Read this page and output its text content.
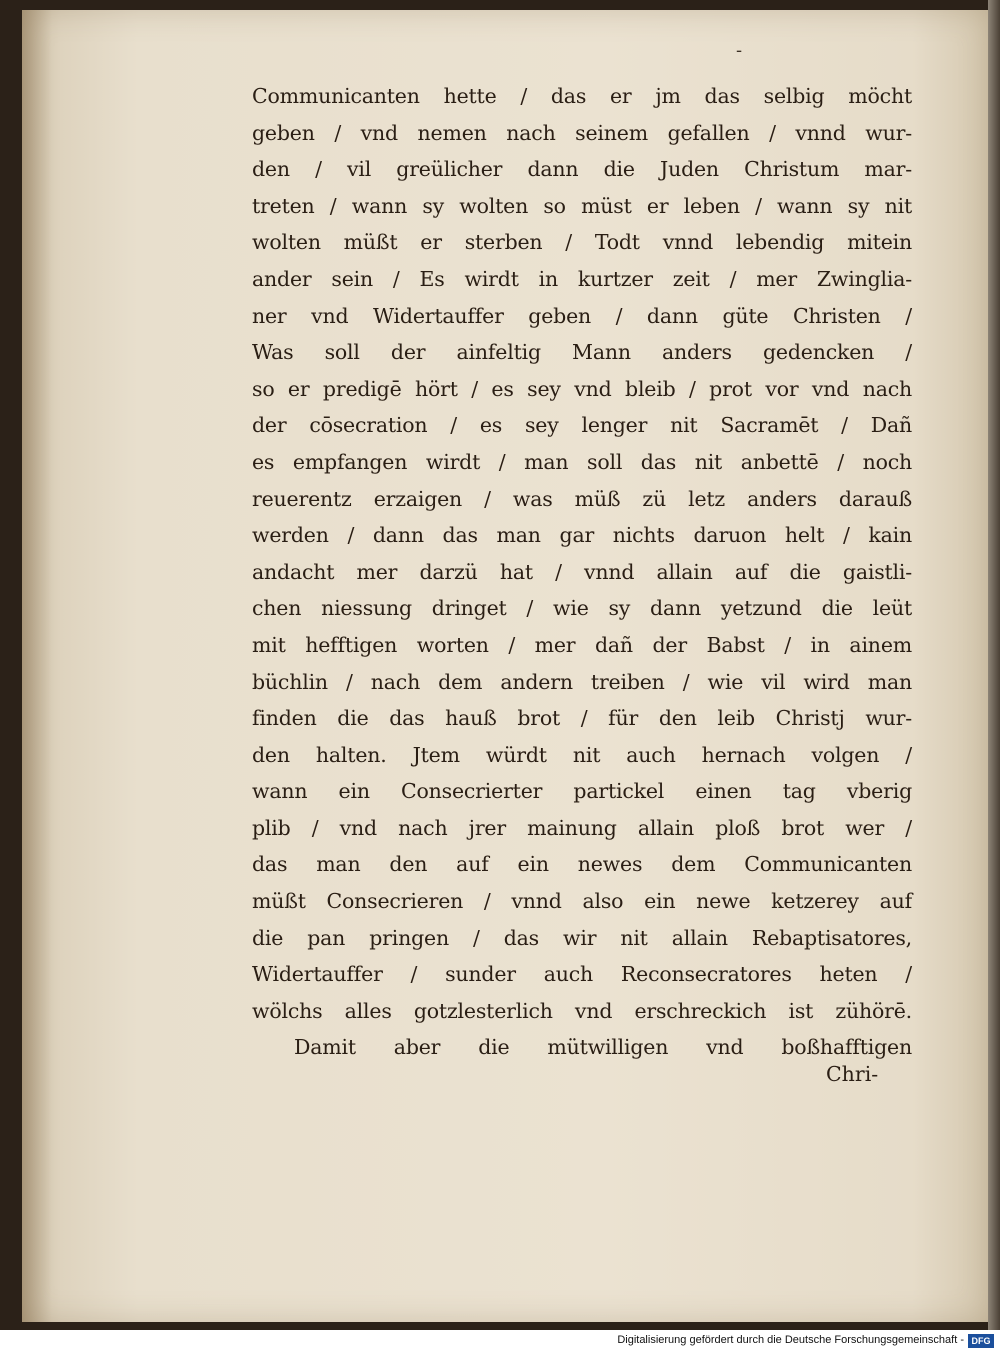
-
Communicanten hette / das er jm das selbig möcht
geben / vnd nemen nach seinem gefallen / vnnd wur-
den / vil greülicher dann die Juden Christum mar-
treten / wann sy wolten so müst er leben / wann sy nit
wolten müßt er sterben / Todt vnnd lebendig mitein
ander sein / Es wirdt in kurtzer zeit / mer Zwinglia-
ner vnd Widertauffer geben / dann güte Christen /
Was soll der ainfeltig Mann anders gedencken /
so er predigē hört / es sey vnd bleib / prot vor vnd nach
der cōsecration / es sey lenger nit Sacramēt / Dañ
es empfangen wirdt / man soll das nit anbettē / noch
reuerentz erzaigen / was müß zü letz anders darauß
werden / dann das man gar nichts daruon helt / kain
andacht mer darzü hat / vnnd allain auf die gaistli-
chen niessung dringet / wie sy dann yetzund die leüt
mit hefftigen worten / mer dañ der Babst / in ainem
büchlin / nach dem andern treiben / wie vil wird man
finden die das hauß brot / für den leib Christj wur-
den halten. Jtem würdt nit auch hernach volgen /
wann ein Consecrierter partickel einen tag vberig
plib / vnd nach jrer mainung allain ploß brot wer /
das man den auf ein newes dem Communicanten
müßt Consecrieren / vnnd also ein newe ketzerey auf
die pan pringen / das wir nit allain Rebaptisatores,
Widertauffer / sunder auch Reconsecratores heten /
wölchs alles gotzlesterlich vnd erschreckich ist zühörē.
Damit aber die mütwilligen vnd boßhafftigen
Chri-
Digitalisierung gefördert durch die Deutsche Forschungsgemeinschaft - DFG
